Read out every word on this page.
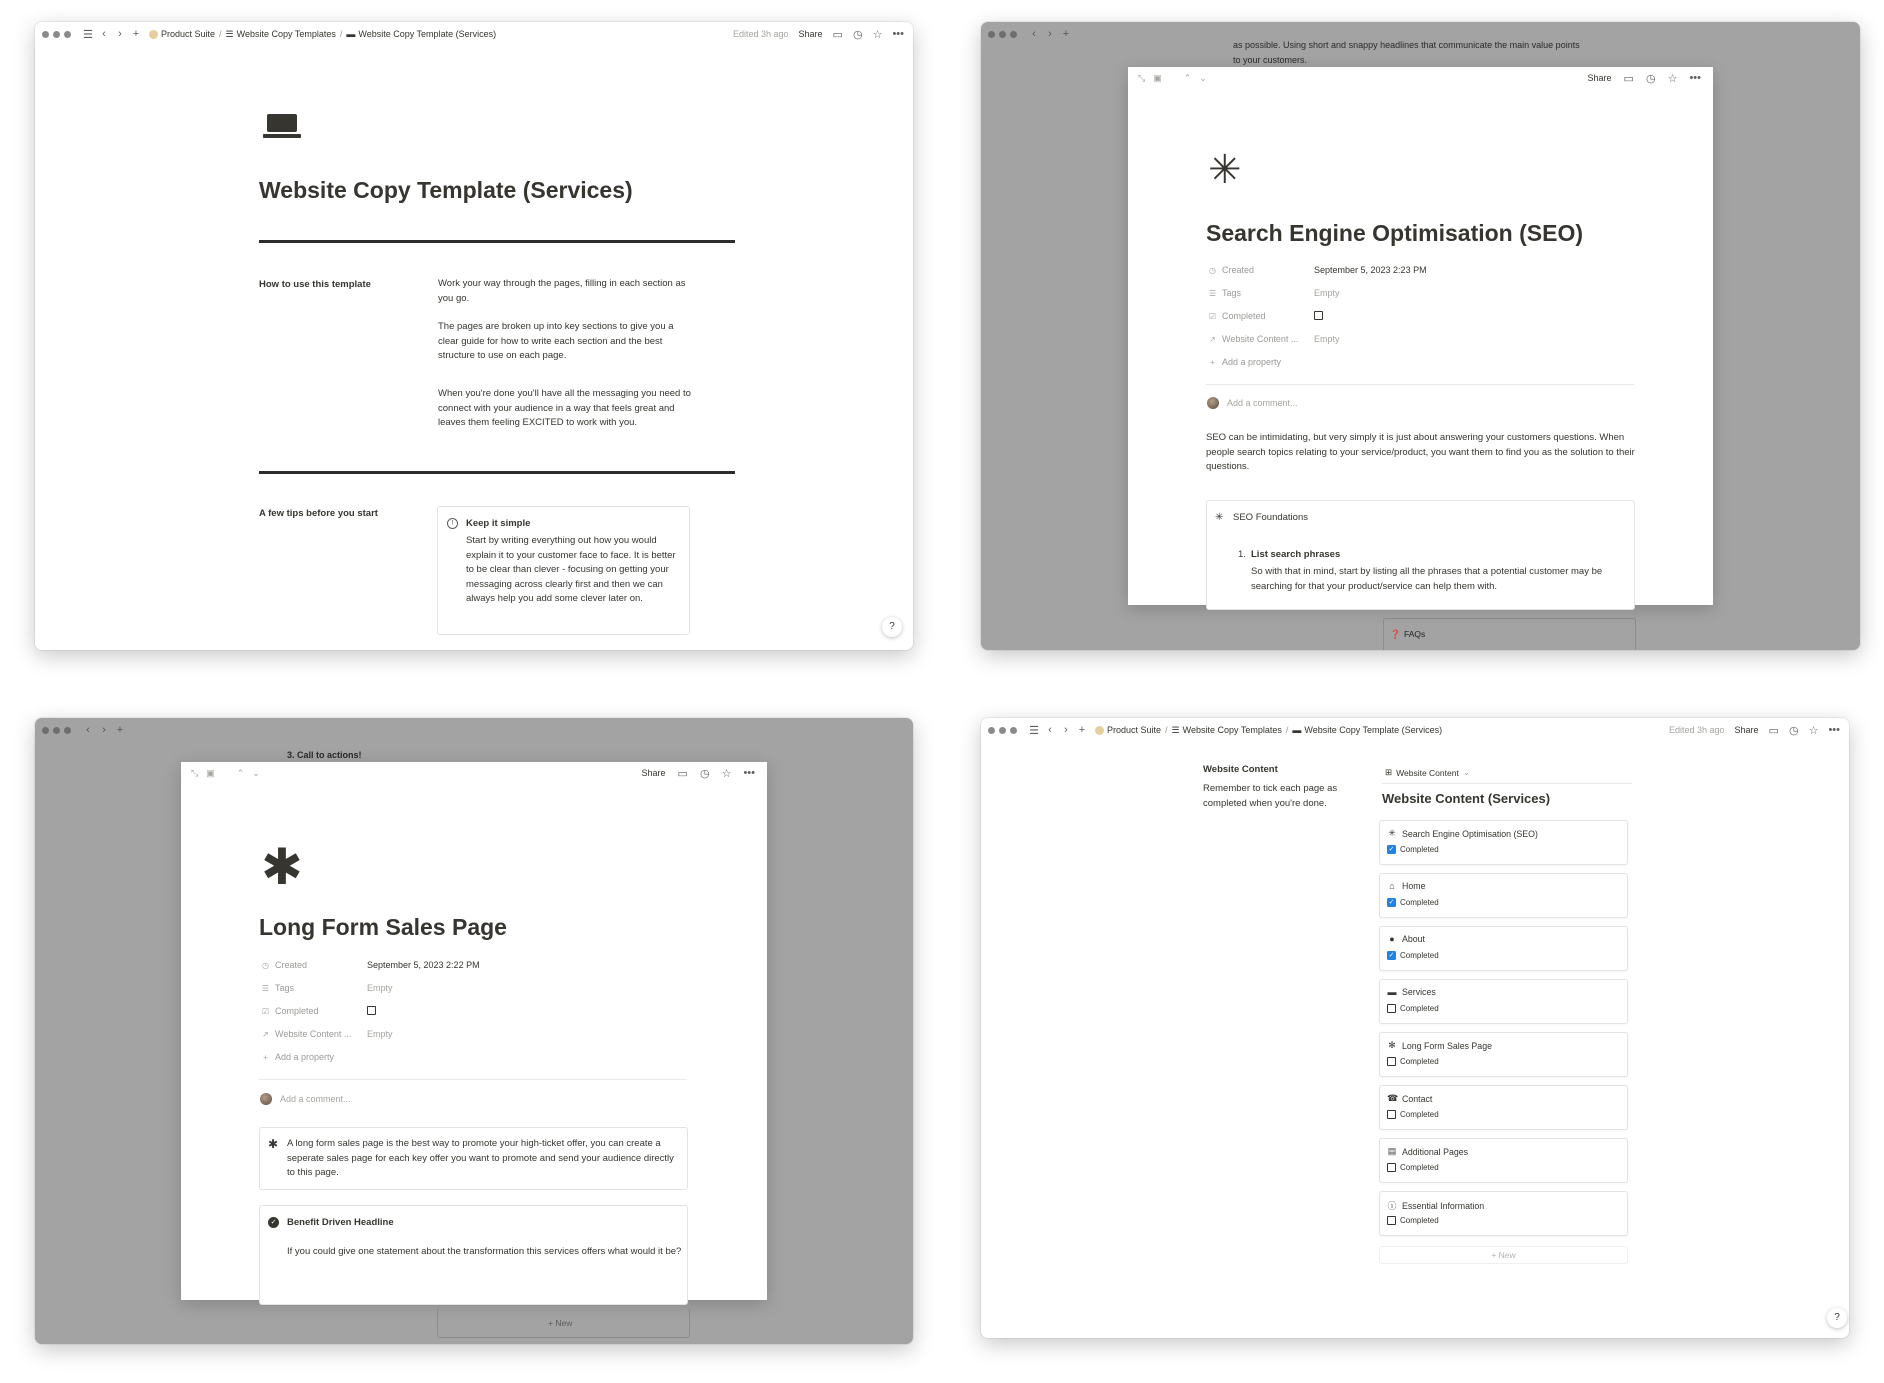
☰ ‹	› +	Product Suite / ☰ Website Copy Templates / ▬ Website Copy Template (Services)	Edited 3h ago Share ▭ ◷ ☆ •••
Website Copy Template (Services)
How to use this template	Work your way through the pages, filling in each section as you go.
The pages are broken up into key sections to give you a clear guide for how to write each section and the best structure to use on each page.
When you're done you'll have all the messaging you need to connect with your audience in a way that feels great and leaves them feeling EXCITED to work with you.
A few tips before you start
!	Keep it simple
Start by writing everything out how you would explain it to your customer face to face. It is better to be clear than clever - focusing on getting your messaging across clearly first and then we can always help you add some clever later on.
?
‹	› +
as possible. Using short and snappy headlines that communicate the main value points
to your customers.
❓ FAQs
⤡ ▣ ⌃ ⌄	Share ▭ ◷ ☆ •••
✳
Search Engine Optimisation (SEO)
◷ Created	September 5, 2023 2:23 PM
☰ Tags	Empty
☑ Completed
↗ Website Content ... Empty
+ Add a property
Add a comment...
SEO can be intimidating, but very simply it is just about answering your customers questions. When people search topics relating to your service/product, you want them to find you as the solution to their questions.
✳ SEO Foundations
1. List search phrases
So with that in mind, start by listing all the phrases that a potential customer may be searching for that your product/service can help them with.
‹	› +
3. Call to actions!
+ New
⤡ ▣ ⌃ ⌄	Share ▭ ◷ ☆ •••
✱
Long Form Sales Page
◷ Created	September 5, 2023 2:22 PM
☰ Tags	Empty
☑ Completed
↗ Website Content ... Empty
+ Add a property
Add a comment...
✱ A long form sales page is the best way to promote your high-ticket offer, you can create a seperate sales page for each key offer you want to promote and send your audience directly to this page.
✓ Benefit Driven Headline
If you could give one statement about the transformation this services offers what would it be?
☰ ‹	› +	Product Suite / ☰ Website Copy Templates / ▬ Website Copy Template (Services)	Edited 3h ago Share ▭ ◷ ☆ •••
Website Content
Remember to tick each page as completed when you're done.
⊞ Website Content ⌄
Website Content (Services)
✳ Search Engine Optimisation (SEO)
✓ Completed
⌂ Home
✓ Completed
● About
✓ Completed
▬ Services
Completed
✻ Long Form Sales Page
Completed
☎ Contact
Completed
▤ Additional Pages
Completed
ⓘ Essential Information
Completed
+ New
?
